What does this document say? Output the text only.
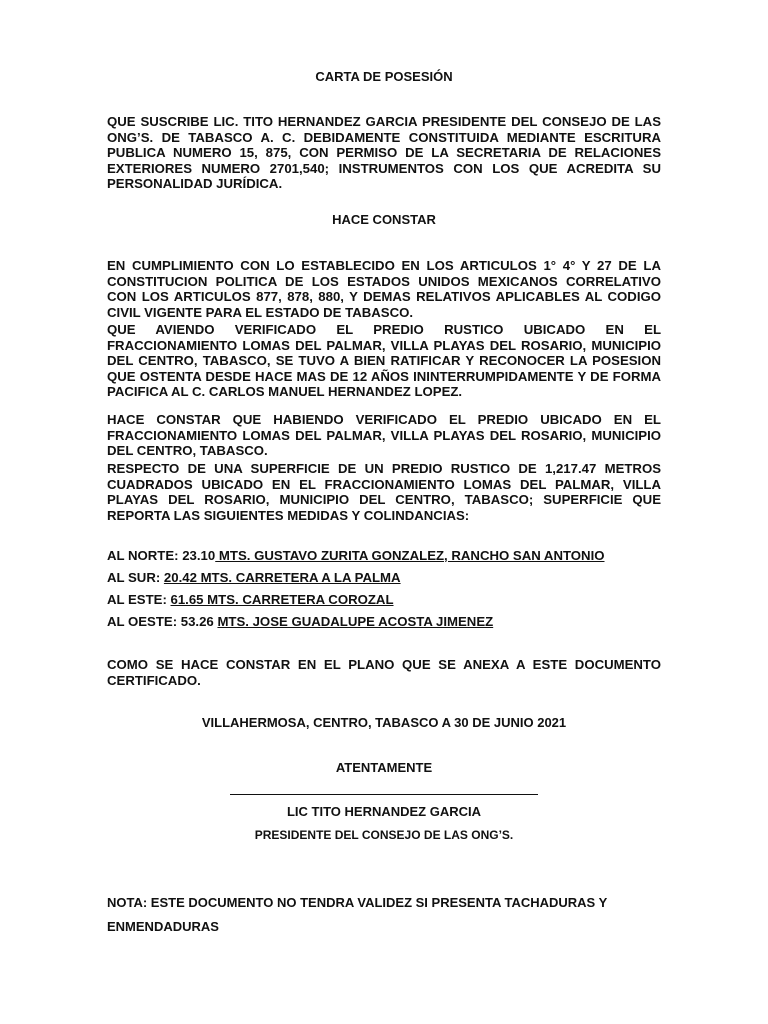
CARTA DE POSESIÓN

QUE SUSCRIBE LIC. TITO HERNANDEZ GARCIA PRESIDENTE DEL CONSEJO DE LAS ONG’S. DE TABASCO A. C. DEBIDAMENTE CONSTITUIDA MEDIANTE ESCRITURA PUBLICA NUMERO 15, 875, CON PERMISO DE LA SECRETARIA DE RELACIONES EXTERIORES NUMERO 2701,540; INSTRUMENTOS CON LOS QUE ACREDITA SU PERSONALIDAD JURÍDICA.

HACE CONSTAR

EN CUMPLIMIENTO CON LO ESTABLECIDO EN LOS ARTICULOS 1° 4° Y 27 DE LA CONSTITUCION POLITICA DE LOS ESTADOS UNIDOS MEXICANOS CORRELATIVO CON LOS ARTICULOS 877, 878, 880, Y DEMAS RELATIVOS APLICABLES AL CODIGO CIVIL VIGENTE PARA EL ESTADO DE TABASCO.

QUE AVIENDO VERIFICADO EL PREDIO RUSTICO UBICADO EN EL FRACCIONAMIENTO LOMAS DEL PALMAR, VILLA PLAYAS DEL ROSARIO, MUNICIPIO DEL CENTRO, TABASCO, SE TUVO A BIEN RATIFICAR Y RECONOCER LA POSESION QUE OSTENTA DESDE HACE MAS DE 12 AÑOS ININTERRUMPIDAMENTE Y DE FORMA PACIFICA AL C. CARLOS MANUEL HERNANDEZ LOPEZ.

HACE CONSTAR QUE HABIENDO VERIFICADO EL PREDIO UBICADO EN EL FRACCIONAMIENTO LOMAS DEL PALMAR, VILLA PLAYAS DEL ROSARIO, MUNICIPIO DEL CENTRO, TABASCO.

RESPECTO DE UNA SUPERFICIE DE UN PREDIO RUSTICO DE 1,217.47 METROS CUADRADOS UBICADO EN EL FRACCIONAMIENTO LOMAS DEL PALMAR, VILLA PLAYAS DEL ROSARIO, MUNICIPIO DEL CENTRO, TABASCO; SUPERFICIE QUE REPORTA LAS SIGUIENTES MEDIDAS Y COLINDANCIAS:

AL NORTE: 23.10 MTS. GUSTAVO ZURITA GONZALEZ, RANCHO SAN ANTONIO
AL SUR: 20.42 MTS. CARRETERA A LA PALMA
AL ESTE: 61.65 MTS. CARRETERA COROZAL
AL OESTE: 53.26 MTS. JOSE GUADALUPE ACOSTA JIMENEZ

COMO SE HACE CONSTAR EN EL PLANO QUE SE ANEXA A ESTE DOCUMENTO CERTIFICADO.

VILLAHERMOSA, CENTRO, TABASCO A 30 DE JUNIO 2021
ATENTAMENTE
LIC TITO HERNANDEZ GARCIA
PRESIDENTE DEL CONSEJO DE LAS ONG’S.

NOTA: ESTE DOCUMENTO NO TENDRA VALIDEZ SI PRESENTA TACHADURAS Y ENMENDADURAS
